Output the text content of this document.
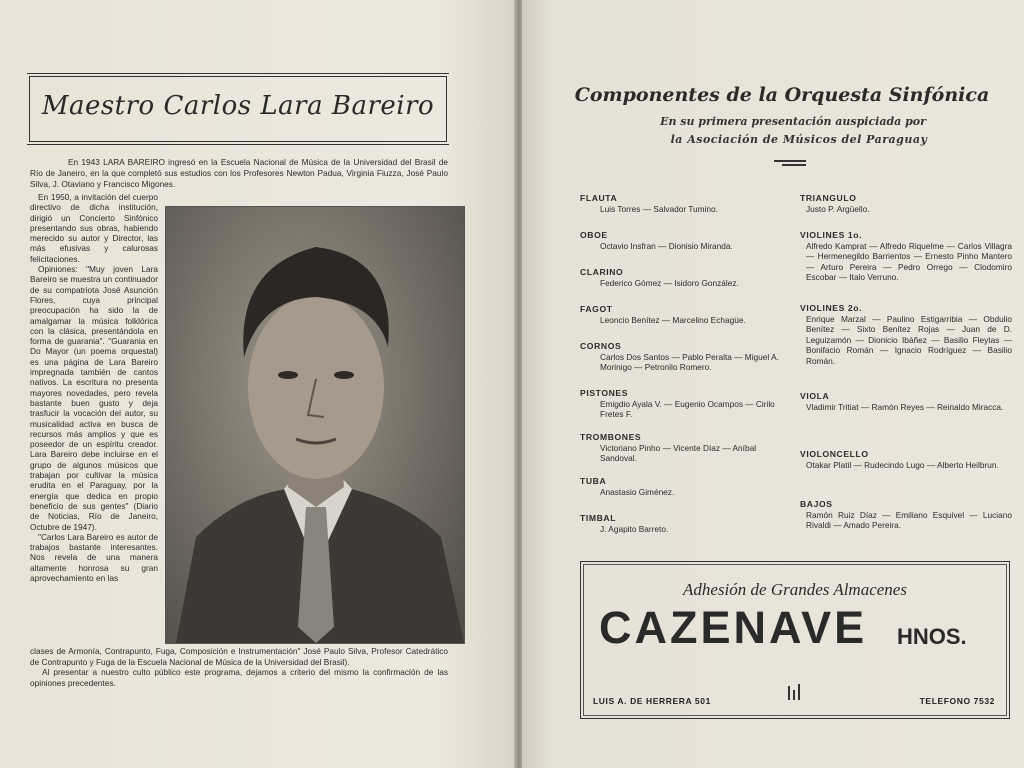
Maestro Carlos Lara Bareiro
En 1943 LARA BAREIRO ingresó en la Escuela Nacional de Música de la Universidad del Brasil de Río de Janeiro, en la que completó sus estudios con los Profesores Newton Padua, Virginia Fiuzza, José Paulo Silva, J. Otaviano y Francisco Migones.

En 1950, a invitación del cuerpo directivo de dicha institución, dirigió un Concierto Sinfónico presentando sus obras, habiendo merecido su autor y Director, las más efusivas y calurosas felicitaciones.

Opiniones: "Muy joven Lara Bareiro se muestra un continuador de su compatriota José Asunción Flores, cuya principal preocupación ha sido la de amalgamar la música folklórica con la clásica, presentándola en forma de guarania". "Guarania en Do Mayor (un poema orquestal) es una página de Lara Bareiro impregnada también de cantos nativos. La escritura no presenta mayores novedades, pero revela bastante buen gusto y deja trasfucir la vocación del autor, su musicalidad activa en busca de recursos más amplios y que es poseedor de un espíritu creador. Lara Bareiro debe incluirse en el grupo de algunos músicos que trabajan por cultivar la música erudita en el Paraguay, por la energía que dedica en propio beneficio de sus gentes" (Diario de Noticias, Río de Janeiro, Octubre de 1947).

"Carlos Lara Bareiro es autor de trabajos bastante interesantes. Nos revela de una manera altamente honrosa su gran aprovechamiento en las

clases de Armonía, Contrapunto, Fuga, Composición e Instrumentación" José Paulo Silva, Profesor Catedrático de Contrapunto y Fuga de la Escuela Nacional de Música de la Universidad del Brasil).

Al presentar a nuestro culto público este programa, dejamos a criterio del mismo la confirmación de las opiniones precedentes.

Componentes de la Orquesta Sinfónica
En su primera presentación auspiciada por
la Asociación de Músicos del Paraguay
FLAUTA

Luis Torres — Salvador Tumino.

OBOE

Octavio Insfran — Dionisio Miranda.

CLARINO

Federico Gómez — Isidoro González.

FAGOT

Leoncio Benítez — Marcelino Echagüe.

CORNOS

Carlos Dos Santos — Pablo Peralta — Miguel A. Morinigo — Petronilo Romero.

PISTONES

Emigdio Ayala V. — Eugenio Ocampos — Cirilo Fretes F.

TROMBONES

Victoriano Pinho — Vicente Díaz — Aníbal Sandoval.

TUBA

Anastasio Giménez.

TIMBAL

J. Agapito Barreto.

TRIANGULO

Justo P. Argüello.

VIOLINES 1o.

Alfredo Kamprat — Alfredo Riquelme — Carlos Villagra — Hermenegildo Barrientos — Ernesto Pinho Mantero — Arturo Pereira — Pedro Orrego — Clodomiro Escobar — Italo Verruno.

VIOLINES 2o.

Enrique Marzal — Paulino Estigarribia — Obdulio Benítez — Sixto Benítez Rojas — Juan de D. Leguizamón — Dionicio Ibáñez — Basilio Fleytas — Bonifacio Román — Ignacio Rodríguez — Basilio Román.

VIOLA

Vladimir Tritiat — Ramón Reyes — Reinaldo Miracca.

VIOLONCELLO

Otakar Platil — Rudecindo Lugo — Alberto Heilbrun.

BAJOS

Ramón Ruiz Díaz — Emiliano Esquivel — Luciano Rivaldi — Amado Pereira.

Adhesión de Grandes Almacenes
CAZENAVE HNOS.
LUIS A. DE HERRERA 501	TELEFONO 7532
